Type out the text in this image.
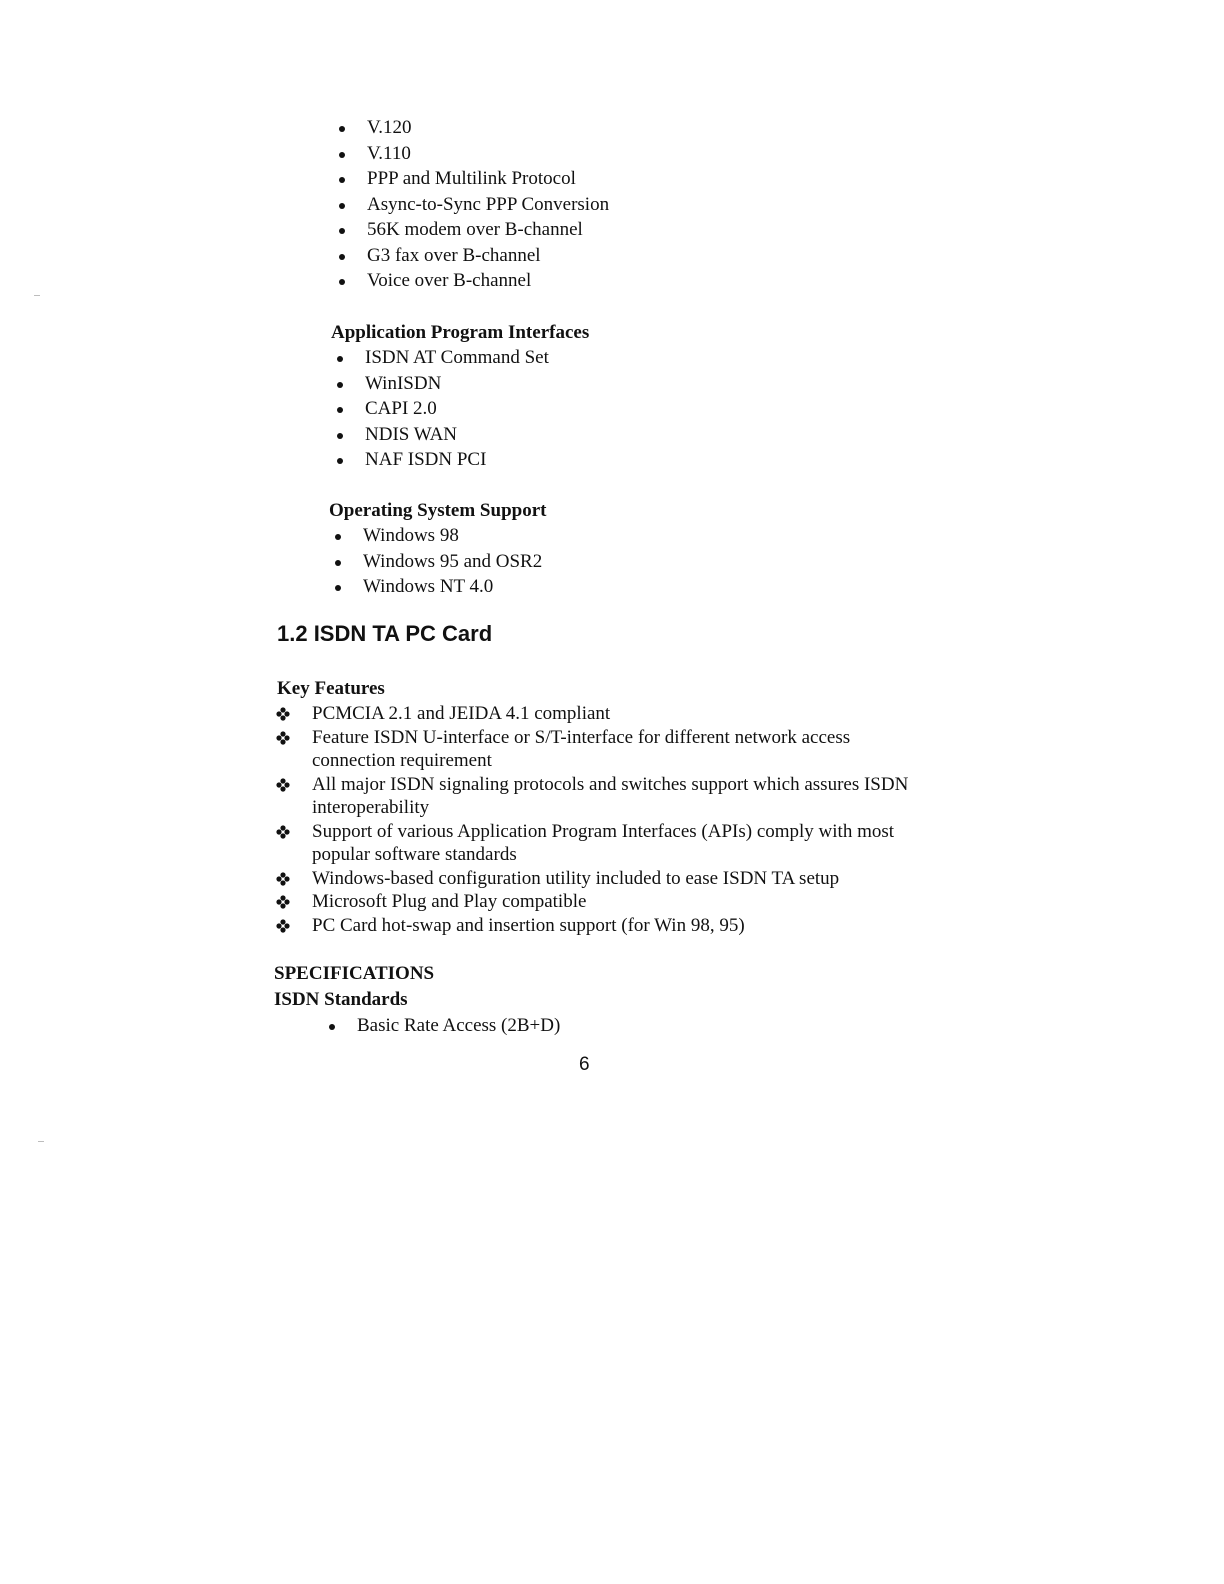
V.120
V.110
PPP and Multilink Protocol
Async-to-Sync PPP Conversion
56K modem over B-channel
G3 fax over B-channel
Voice over B-channel
Application Program Interfaces
ISDN AT Command Set
WinISDN
CAPI 2.0
NDIS WAN
NAF ISDN PCI
Operating System Support
Windows 98
Windows 95 and OSR2
Windows NT 4.0
1.2 ISDN TA PC Card
Key Features
PCMCIA 2.1 and JEIDA 4.1 compliant
Feature ISDN U-interface or S/T-interface for different network access connection requirement
All major ISDN signaling protocols and switches support which assures ISDN interoperability
Support of various Application Program Interfaces (APIs) comply with most popular software standards
Windows-based configuration utility included to ease ISDN TA setup
Microsoft Plug and Play compatible
PC Card hot-swap and insertion support (for Win 98, 95)
SPECIFICATIONS
ISDN Standards
Basic Rate Access (2B+D)
6
